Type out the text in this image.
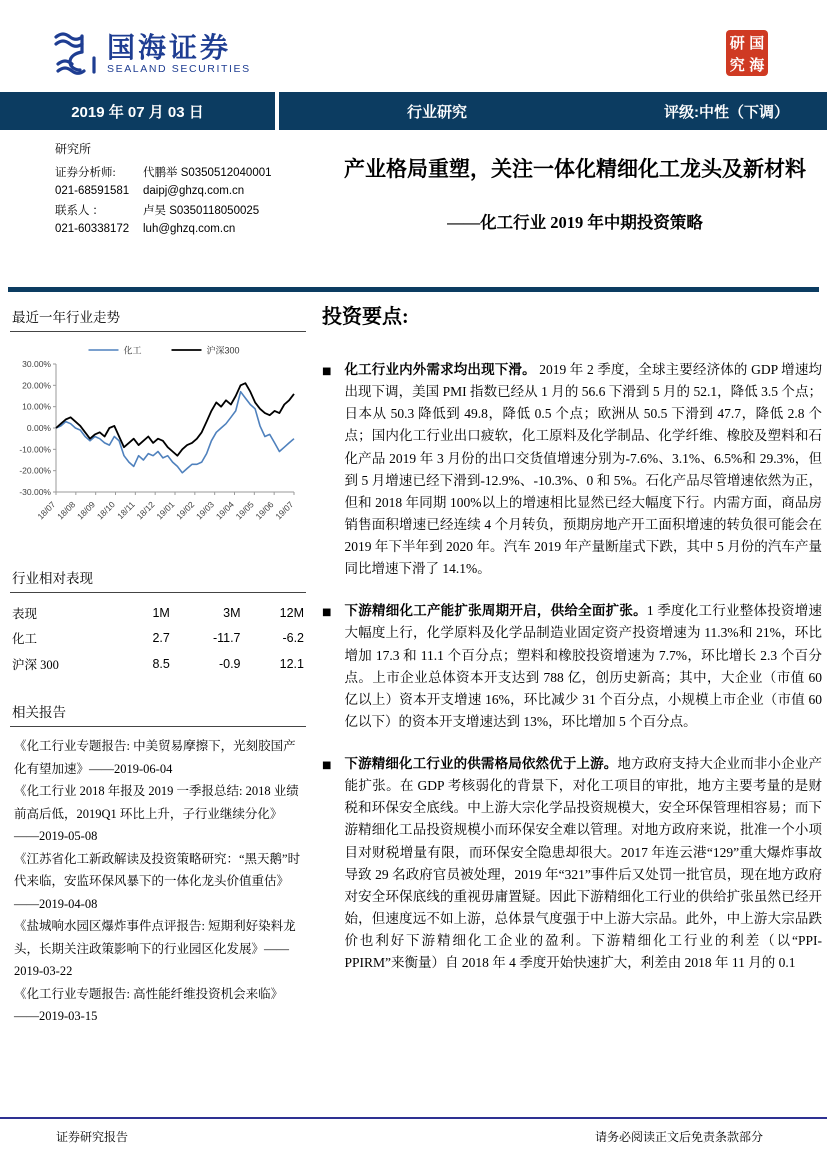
国海证券
SEALAND SECURITIES
研 国
究 海
2019 年 07 月 03 日	行业研究	评级:中性（下调）
研究所
证券分析师:	代鹏举 S0350512040001
021-68591581	daipj@ghzq.com.cn
联系人 ：	卢昊 S0350118050025
021-60338172	luh@ghzq.com.cn
产业格局重塑，关注一体化精细化工龙头及新材料
——化工行业 2019 年中期投资策略
最近一年行业走势
30.00%
20.00%
10.00%
0.00%
-10.00%
-20.00%
-30.00%
18/07
18/08
18/09
18/10
18/11
18/12
19/01
19/02
19/03
19/04
19/05
19/06
19/07
化工	沪深300
行业相对表现
表现	1M	3M	12M
化工	2.7	-11.7	-6.2
沪深 300	8.5	-0.9	12.1
相关报告

《化工行业专题报告: 中美贸易摩擦下，光刻胶国产化有望加速》——2019-06-04

《化工行业 2018 年报及 2019 一季报总结: 2018 业绩前高后低，2019Q1 环比上升，子行业继续分化》——2019-05-08

《江苏省化工新政解读及投资策略研究：“黑天鹅”时代来临，安监环保风暴下的一体化龙头价值重估》——2019-04-08

《盐城响水园区爆炸事件点评报告: 短期利好染料龙头，长期关注政策影响下的行业园区化发展》——2019-03-22

《化工行业专题报告: 高性能纤维投资机会来临》——2019-03-15

投资要点:
■ 化工行业内外需求均出现下滑。 2019 年 2 季度，全球主要经济体的 GDP 增速均出现下调，美国 PMI 指数已经从 1 月的 56.6 下滑到 5 月的 52.1，降低 3.5 个点；日本从 50.3 降低到 49.8，降低 0.5 个点；欧洲从 50.5 下滑到 47.7，降低 2.8 个点；国内化工行业出口疲软，化工原料及化学制品、化学纤维、橡胶及塑料和石化产品 2019 年 3 月份的出口交货值增速分别为-7.6%、3.1%、6.5%和 29.3%，但到 5 月增速已经下滑到-12.9%、-10.3%、0 和 5%。石化产品尽管增速依然为正，但和 2018 年同期 100%以上的增速相比显然已经大幅度下行。内需方面，商品房销售面积增速已经连续 4 个月转负，预期房地产开工面积增速的转负很可能会在 2019 年下半年到 2020 年。汽车 2019 年产量断崖式下跌，其中 5 月份的汽车产量同比增速下滑了 14.1%。
■ 下游精细化工产能扩张周期开启，供给全面扩张。1 季度化工行业整体投资增速大幅度上行，化学原料及化学品制造业固定资产投资增速为 11.3%和 21%，环比增加 17.3 和 11.1 个百分点；塑料和橡胶投资增速为 7.7%，环比增长 2.3 个百分点。上市企业总体资本开支达到 788 亿，创历史新高；其中，大企业（市值 60 亿以上）资本开支增速 16%，环比减少 31 个百分点，小规模上市企业（市值 60 亿以下）的资本开支增速达到 13%，环比增加 5 个百分点。
■ 下游精细化工行业的供需格局依然优于上游。地方政府支持大企业而非小企业产能扩张。在 GDP 考核弱化的背景下，对化工项目的审批，地方主要考量的是财税和环保安全底线。中上游大宗化学品投资规模大，安全环保管理相容易；而下游精细化工品投资规模小而环保安全难以管理。对地方政府来说，批准一个小项目对财税增量有限，而环保安全隐患却很大。2017 年连云港“129”重大爆炸事故导致 29 名政府官员被处理，2019 年“321”事件后又处罚一批官员，现在地方政府对安全环保底线的重视毋庸置疑。因此下游精细化工行业的供给扩张虽然已经开始，但速度远不如上游，总体景气度强于中上游大宗品。此外，中上游大宗品跌价也利好下游精细化工企业的盈利。下游精细化工行业的利差（以“PPI-PPIRM”来衡量）自 2018 年 4 季度开始快速扩大，利差由 2018 年 11 月的 0.1
证券研究报告	请务必阅读正文后免责条款部分
